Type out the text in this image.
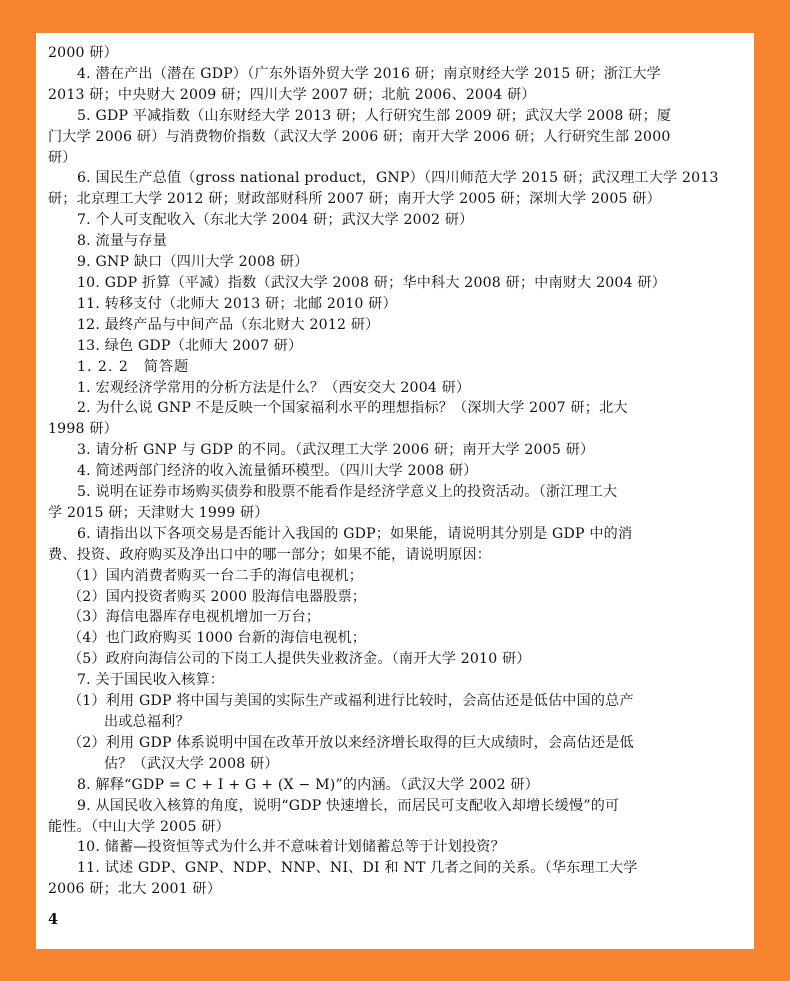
2000 研）
4. 潜在产出（潜在 GDP）（广东外语外贸大学 2016 研；南京财经大学 2015 研；浙江大学
2013 研；中央财大 2009 研；四川大学 2007 研；北航 2006、2004 研）
5. GDP 平减指数（山东财经大学 2013 研；人行研究生部 2009 研；武汉大学 2008 研；厦
门大学 2006 研）与消费物价指数（武汉大学 2006 研；南开大学 2006 研；人行研究生部 2000
研）
6. 国民生产总值（gross national product，GNP）（四川师范大学 2015 研；武汉理工大学 2013
研；北京理工大学 2012 研；财政部财科所 2007 研；南开大学 2005 研；深圳大学 2005 研）
7. 个人可支配收入（东北大学 2004 研；武汉大学 2002 研）
8. 流量与存量
9. GNP 缺口（四川大学 2008 研）
10. GDP 折算（平减）指数（武汉大学 2008 研；华中科大 2008 研；中南财大 2004 研）
11. 转移支付（北师大 2013 研；北邮 2010 研）
12. 最终产品与中间产品（东北财大 2012 研）
13. 绿色 GDP（北师大 2007 研）
1. 2. 2　简答题
1. 宏观经济学常用的分析方法是什么？（西安交大 2004 研）
2. 为什么说 GNP 不是反映一个国家福利水平的理想指标？（深圳大学 2007 研；北大
1998 研）
3. 请分析 GNP 与 GDP 的不同。（武汉理工大学 2006 研；南开大学 2005 研）
4. 简述两部门经济的收入流量循环模型。（四川大学 2008 研）
5. 说明在证券市场购买债券和股票不能看作是经济学意义上的投资活动。（浙江理工大
学 2015 研；天津财大 1999 研）
6. 请指出以下各项交易是否能计入我国的 GDP；如果能，请说明其分别是 GDP 中的消
费、投资、政府购买及净出口中的哪一部分；如果不能，请说明原因：
（1）国内消费者购买一台二手的海信电视机；
（2）国内投资者购买 2000 股海信电器股票；
（3）海信电器库存电视机增加一万台；
（4）也门政府购买 1000 台新的海信电视机；
（5）政府向海信公司的下岗工人提供失业救济金。（南开大学 2010 研）
7. 关于国民收入核算：
（1）利用 GDP 将中国与美国的实际生产或福利进行比较时，会高估还是低估中国的总产
出或总福利？
（2）利用 GDP 体系说明中国在改革开放以来经济增长取得的巨大成绩时，会高估还是低
估？（武汉大学 2008 研）
8. 解释“GDP = C + I + G + (X − M)”的内涵。（武汉大学 2002 研）
9. 从国民收入核算的角度，说明“GDP 快速增长，而居民可支配收入却增长缓慢”的可
能性。（中山大学 2005 研）
10. 储蓄—投资恒等式为什么并不意味着计划储蓄总等于计划投资？
11. 试述 GDP、GNP、NDP、NNP、NI、DI 和 NT 几者之间的关系。（华东理工大学
2006 研；北大 2001 研）
4
